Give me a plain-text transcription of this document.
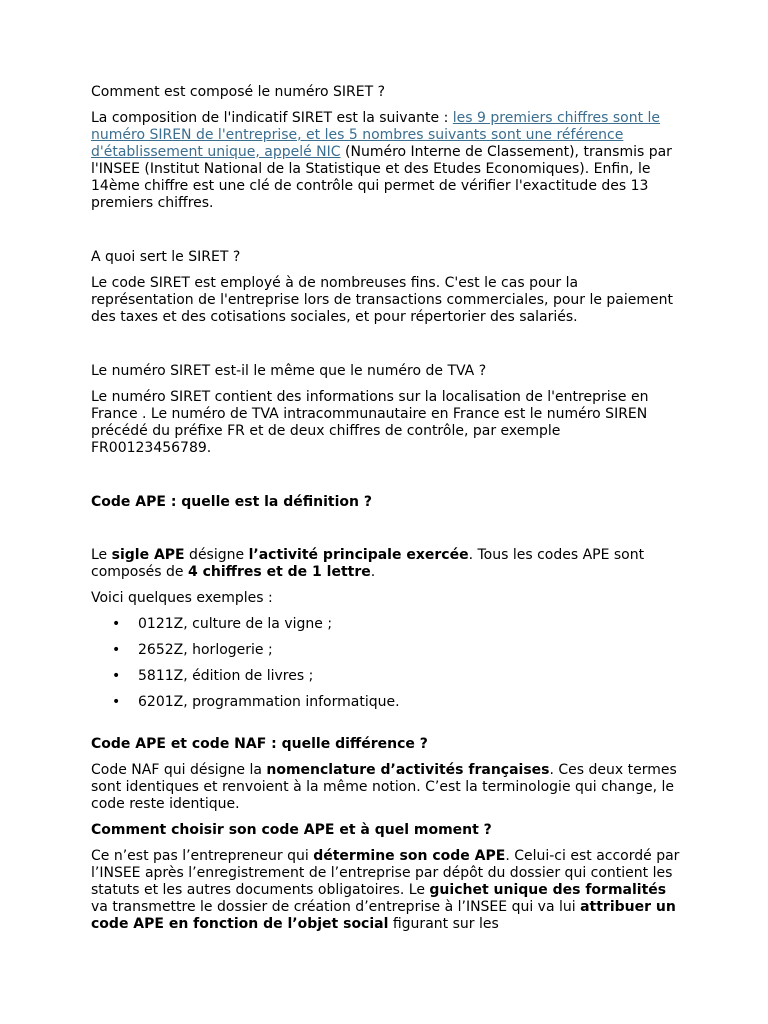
Comment est composé le numéro SIRET ?

La composition de l'indicatif SIRET est la suivante : les 9 premiers chiffres sont le numéro SIREN de l'entreprise, et les 5 nombres suivants sont une référence d'établissement unique, appelé NIC (Numéro Interne de Classement), transmis par l'INSEE (Institut National de la Statistique et des Etudes Economiques). Enfin, le 14ème chiffre est une clé de contrôle qui permet de vérifier l'exactitude des 13 premiers chiffres.

A quoi sert le SIRET ?

Le code SIRET est employé à de nombreuses fins. C'est le cas pour la représentation de l'entreprise lors de transactions commerciales, pour le paiement des taxes et des cotisations sociales, et pour répertorier des salariés.

Le numéro SIRET est-il le même que le numéro de TVA ?

Le numéro SIRET contient des informations sur la localisation de l'entreprise en France . Le numéro de TVA intracommunautaire en France est le numéro SIREN précédé du préfixe FR et de deux chiffres de contrôle, par exemple FR00123456789.

Code APE : quelle est la définition ?

Le sigle APE désigne l’activité principale exercée. Tous les codes APE sont composés de 4 chiffres et de 1 lettre.

Voici quelques exemples :

• 0121Z, culture de la vigne ;
• 2652Z, horlogerie ;
• 5811Z, édition de livres ;
• 6201Z, programmation informatique.

Code APE et code NAF : quelle différence ?

Code NAF qui désigne la nomenclature d’activités françaises. Ces deux termes sont identiques et renvoient à la même notion. C’est la terminologie qui change, le code reste identique.

Comment choisir son code APE et à quel moment ?

Ce n’est pas l’entrepreneur qui détermine son code APE. Celui-ci est accordé par l’INSEE après l’enregistrement de l’entreprise par dépôt du dossier qui contient les statuts et les autres documents obligatoires. Le guichet unique des formalités va transmettre le dossier de création d’entreprise à l’INSEE qui va lui attribuer un code APE en fonction de l’objet social figurant sur les
